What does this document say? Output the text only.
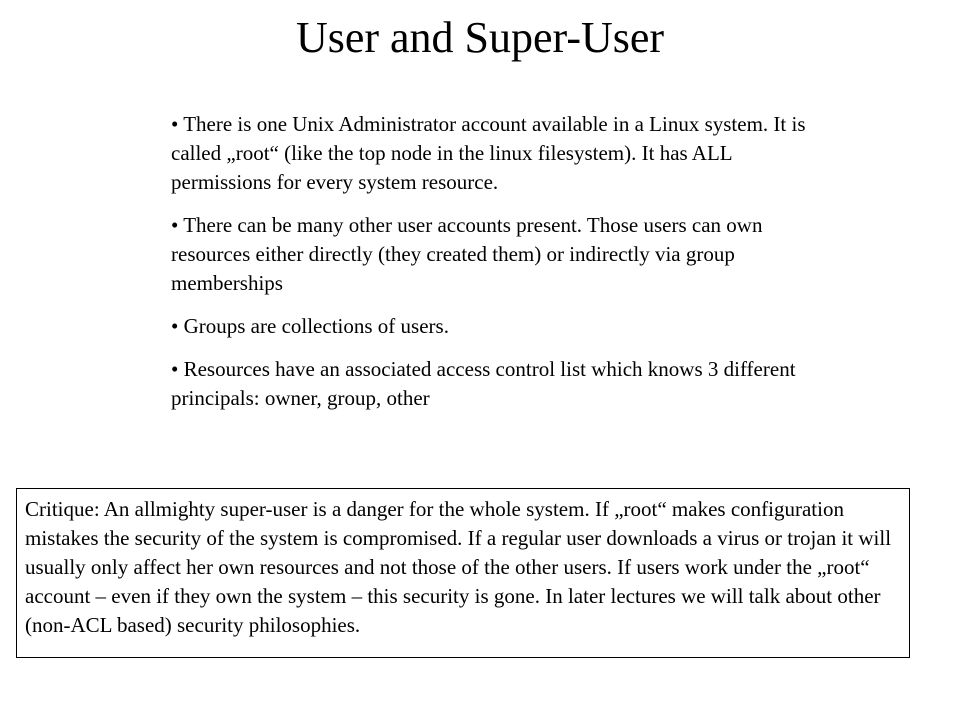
User and Super-User

• There is one Unix Administrator account available in a Linux system. It is called „root“ (like the top node in the linux filesystem). It has ALL permissions for every system resource.

• There can be many other user accounts present. Those users can own resources either directly (they created them) or indirectly via group memberships

• Groups are collections of users.

• Resources have an associated access control list which knows 3 different principals: owner, group, other

Critique: An allmighty super-user is a danger for the whole system. If „root“ makes configuration mistakes the security of the system is compromised. If a regular user downloads a virus or trojan it will usually only affect her own resources and not those of the other users. If users work under the „root“ account – even if they own the system – this security is gone. In later lectures we will talk about other (non-ACL based) security philosophies.
